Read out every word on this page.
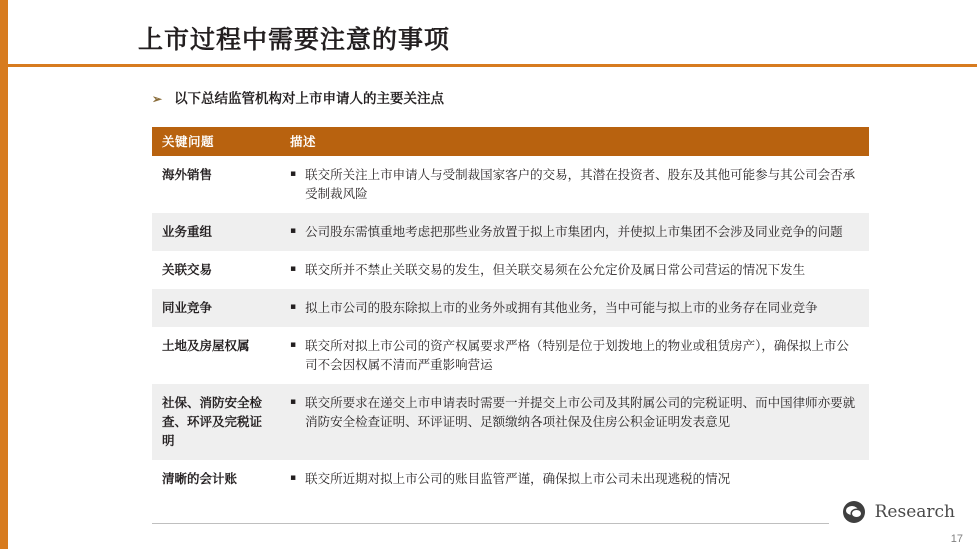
上市过程中需要注意的事项
➢ 以下总结监管机构对上市申请人的主要关注点
关键问题	描述
海外销售	▪ 联交所关注上市申请人与受制裁国家客户的交易，其潜在投资者、股东及其他可能参与其公司会否承受制裁风险

业务重组	▪ 公司股东需慎重地考虑把那些业务放置于拟上市集团内，并使拟上市集团不会涉及同业竞争的问题

关联交易	▪ 联交所并不禁止关联交易的发生，但关联交易须在公允定价及属日常公司营运的情况下发生

同业竞争	▪ 拟上市公司的股东除拟上市的业务外或拥有其他业务，当中可能与拟上市的业务存在同业竞争

土地及房屋权属	▪ 联交所对拟上市公司的资产权属要求严格（特别是位于划拨地上的物业或租赁房产），确保拟上市公司不会因权属不清而严重影响营运

社保、消防安全检查、环评及完税证明	▪ 联交所要求在递交上市申请表时需要一并提交上市公司及其附属公司的完税证明、而中国律师亦要就消防安全检查证明、环评证明、足额缴纳各项社保及住房公积金证明发表意见

清晰的会计账	▪ 联交所近期对拟上市公司的账目监管严谨，确保拟上市公司未出现逃税的情况
Research
17
